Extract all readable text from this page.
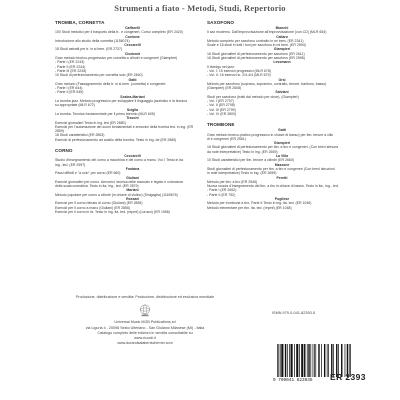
Strumenti a fiato - Metodi, Studi, Repertorio
TROMBA, CORNETTA
Caffarelli
100 Studi melodici per il trasporto della tr.. e congeneri. Corso completo (ER 2420)
Cordone
Introduzione allo studio della cornetta (1156074)
Ceccarelli
18 Studi astratti per tr. in si bem. (ER 2737)
Clodomir
Gran metodo teorico-progressivo per cornetta a cilindri e congeneri (Giampieri)
- Parte I (ER 2243)
- Parte II (ER 2244)
- Parte III (ER 2245)
10 Studi di perfezionamento per cornetta solo (ER 2460)
Gatti
Gran metodo (Fassagramento della tr. in si bem. (cornetta) e congeneri:
- Parte I (ER 644)
- Parte II (ER 645)
Scalea-Mariani
La tromba jazz. Metodo progressivo per sviluppare il linguaggio jazzistico e la tecnica
su appropriate (MLR 672)
Sciglia
La tromba. Tecnica fondamentale per il primo triennio (MLR 605)
Tracchi
Esercizi giornalieri Testo in ing. ted (ER 2880)
Esercizi per l'automazione dei suoni fondamentali e armonici della tromba ted. in ing. (ER
2859)
18 Studi caratteristici (ER 2863)
Esercizi di perfezionamento ad ausilio della tromba. Testo in ing. de (ER 2865)
CORNO
Ceccarelli
Studio d'insegnamento del corno a macchina e del corno a mano. Vol. I Testo in ita
ing., ted. (ER 2597)
Fontana
Passi difficili e "a solo" per corno (ER 660)
Giuliani
Esercizi giornalieri per corno. Armonici, tecnica delle staccato e legato e coloratura
della scala cromatica. Testo in ita, ing., ted. (ER 2879)
Mariani
Metodo popolare per corno a cilindri (in chiave di violino) (Sinigaglia) (1169676)
Rossari
Esercizi per il corno ritmato di corno (Giuliani) (ER 2855)
Esercizi per il corno a mano (Giuliani) (ER 2856)
Esercizi per il corno in fa. Testo in ing. ita. ted. (repmf) (Lorucci) (ER 1968)
SAXOFONO
Bianchi
Il sax moderno. Dall'improvvisazione all'improvvisazione (con CD) (MLR 654)
Caliaro
Metodo completo per saxofono contralto in mi bem. (ER 2341)
Scale e 18 studi in tutti i toni per saxofono in mi bem. (ER 2594)
Giampieri
16 Studi giornalieri di perfezionamento per saxofono (ER 2611)
16 Studi giornalieri di perfezionamento per saxofono (ER 2598)
Lessmann
Il tivedgo nel jazz:
- Vol. I: 15 esercizi progressivi (MLR 678)
- Vol. II: 16 esercizi sr. 2/4-4/4 (MLR 679)
Orsi
Metodo per saxofono (soprano, sopranino, contralto, tenore, baritono, basso)
(Giampieri) (ER 2608)
Salviani
Studi per saxofono (tratti dal metodo per oboe). (Giampieri)
- Vol. I (ER 2797)
- Vol. II (ER 2798)
- Vol. III (ER 2799)
- Vol. IV (ER 2800)
TROMBONE
Gatti
Gran metodo teorico-pratico progressivo in chiave di basso) per tbn. tenore a cilin
di e congeneri (ER 2561)
Giampieri
16 Studi giornalieri di perfezionamento per tbn. a tiro e congeneri. (Con brevi stesura
da note interpretative) Testo in ing. (ER 2659)
La Villa
10 Studi caratteristici per tbn. tenore a cilindri (ER 2660)
Mazzone
Studi giornalieri di perfezionamento per tbn. a tiro e congeneri (Con brevi istruzioni
in note interpretative) Testo in ing. (ER 2659)
Peretti
Metodo per tbn. a tiro (ER 2546)
Nuova scuola d'insegnamento del tbn. a tiro in chiave di basso. Testo in ita., ing., ted.
- Parte I (ER 2662)
- Parte II (ER 752)
Pugliese
Metodo per trombone a tiro. Parte II Testo in ing. ita. ted. (ER 1046)
Metodo elementare per tbn. ita. ted. (repmf) (ER 1048)
Produzione, distribuzione e vendita: Produzione, distribuzione ed esclusiva mondiale
Universal Music MGB Publications srl
via Liguria 4 - 20098 Sesto Ulteriano - San Giuliano Milanese (MI) - Italia
Catalogo completo delle edizioni in vendita consultabile su
www.ricordi.it
www.durandsalabertschirmer.com
ISMN 979-0-041-82393-5
9 790041 823935	ER 2393
